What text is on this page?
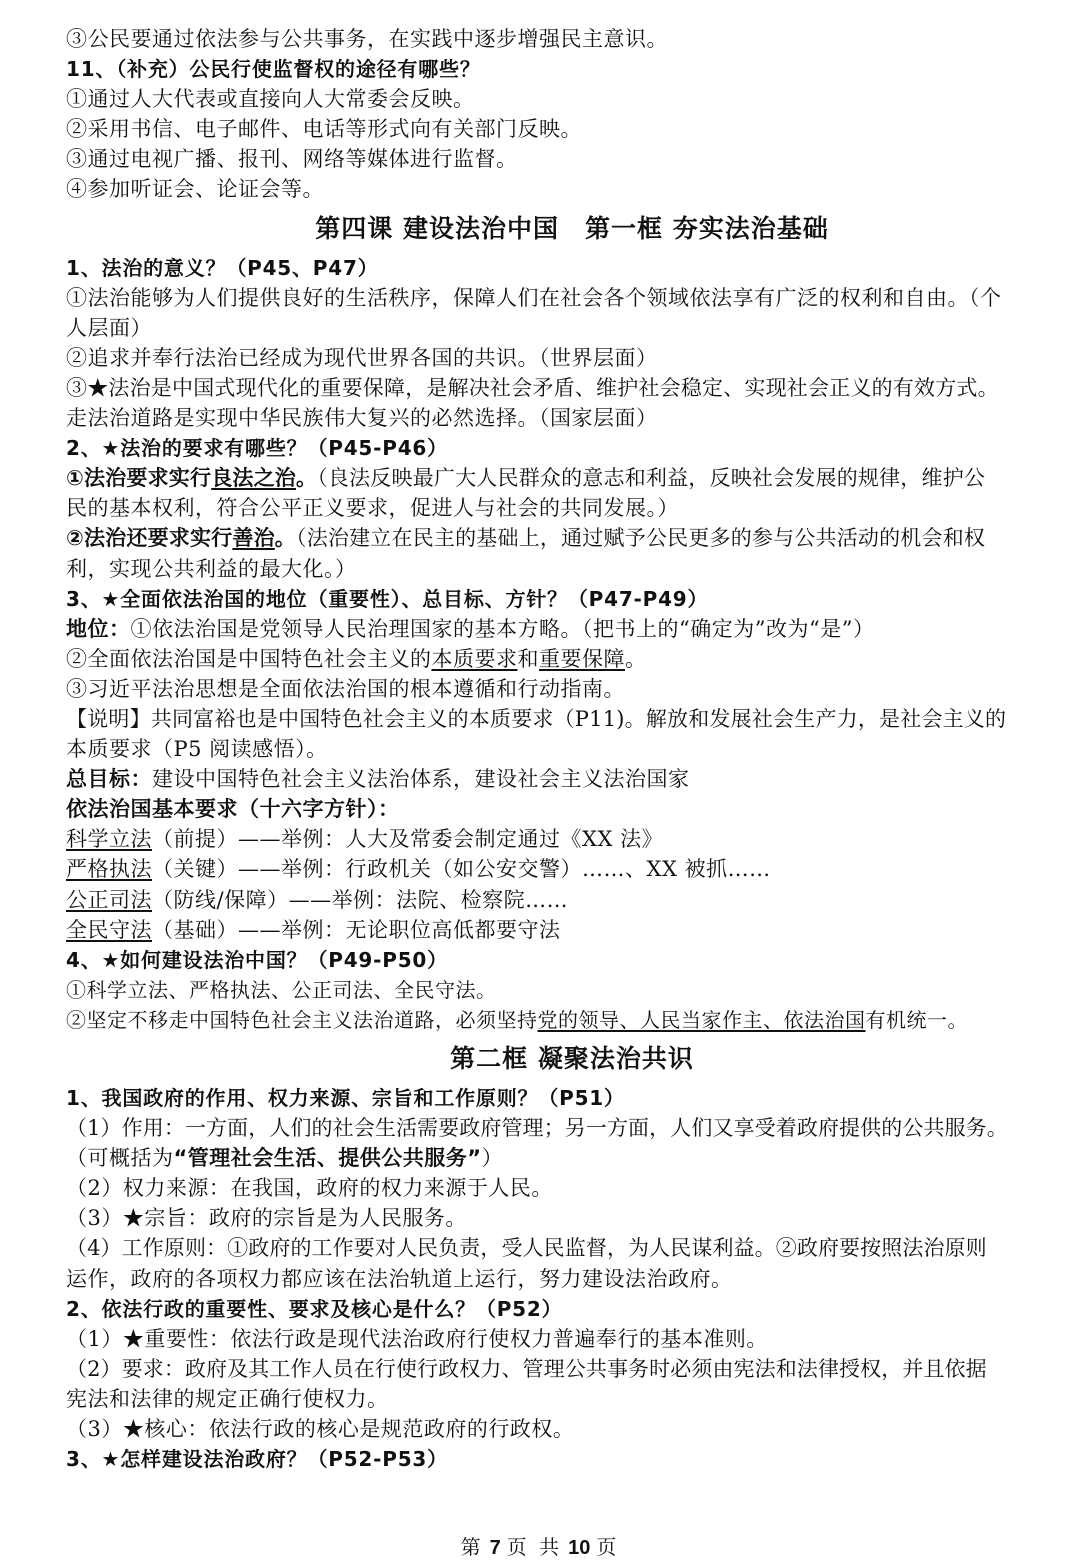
③公民要通过依法参与公共事务，在实践中逐步增强民主意识。
11、（补充）公民行使监督权的途径有哪些？
①通过人大代表或直接向人大常委会反映。
②采用书信、电子邮件、电话等形式向有关部门反映。
③通过电视广播、报刊、网络等媒体进行监督。
④参加听证会、论证会等。
第四课 建设法治中国 第一框 夯实法治基础
1、法治的意义？（P45、P47）
①法治能够为人们提供良好的生活秩序，保障人们在社会各个领域依法享有广泛的权利和自由。（个
人层面）
②追求并奉行法治已经成为现代世界各国的共识。（世界层面）
③★法治是中国式现代化的重要保障，是解决社会矛盾、维护社会稳定、实现社会正义的有效方式。
走法治道路是实现中华民族伟大复兴的必然选择。（国家层面）
2、★法治的要求有哪些？（P45-P46）
①法治要求实行良法之治。（良法反映最广大人民群众的意志和利益，反映社会发展的规律，维护公
民的基本权利，符合公平正义要求，促进人与社会的共同发展。）
②法治还要求实行善治。（法治建立在民主的基础上，通过赋予公民更多的参与公共活动的机会和权
利，实现公共利益的最大化。）
3、★全面依法治国的地位（重要性）、总目标、方针？（P47-P49）
地位：①依法治国是党领导人民治理国家的基本方略。（把书上的“确定为”改为“是”）
②全面依法治国是中国特色社会主义的本质要求和重要保障。
③习近平法治思想是全面依法治国的根本遵循和行动指南。
【说明】共同富裕也是中国特色社会主义的本质要求（P11)。解放和发展社会生产力，是社会主义的
本质要求（P5 阅读感悟）。
总目标：建设中国特色社会主义法治体系，建设社会主义法治国家
依法治国基本要求（十六字方针）：
科学立法（前提）——举例：人大及常委会制定通过《XX 法》
严格执法（关键）——举例：行政机关（如公安交警）……、XX 被抓……
公正司法（防线/保障）——举例：法院、检察院……
全民守法（基础）——举例：无论职位高低都要守法
4、★如何建设法治中国？（P49-P50）
①科学立法、严格执法、公正司法、全民守法。
②坚定不移走中国特色社会主义法治道路，必须坚持党的领导、人民当家作主、依法治国有机统一。
第二框 凝聚法治共识
1、我国政府的作用、权力来源、宗旨和工作原则？（P51）
（1）作用：一方面，人们的社会生活需要政府管理；另一方面，人们又享受着政府提供的公共服务。
（可概括为“管理社会生活、提供公共服务”）
（2）权力来源：在我国，政府的权力来源于人民。
（3）★宗旨：政府的宗旨是为人民服务。
（4）工作原则：①政府的工作要对人民负责，受人民监督，为人民谋利益。②政府要按照法治原则
运作，政府的各项权力都应该在法治轨道上运行，努力建设法治政府。
2、依法行政的重要性、要求及核心是什么？（P52）
（1）★重要性：依法行政是现代法治政府行使权力普遍奉行的基本准则。
（2）要求：政府及其工作人员在行使行政权力、管理公共事务时必须由宪法和法律授权，并且依据
宪法和法律的规定正确行使权力。
（3）★核心：依法行政的核心是规范政府的行政权。
3、★怎样建设法治政府？（P52-P53）
第 7 页 共 10 页
